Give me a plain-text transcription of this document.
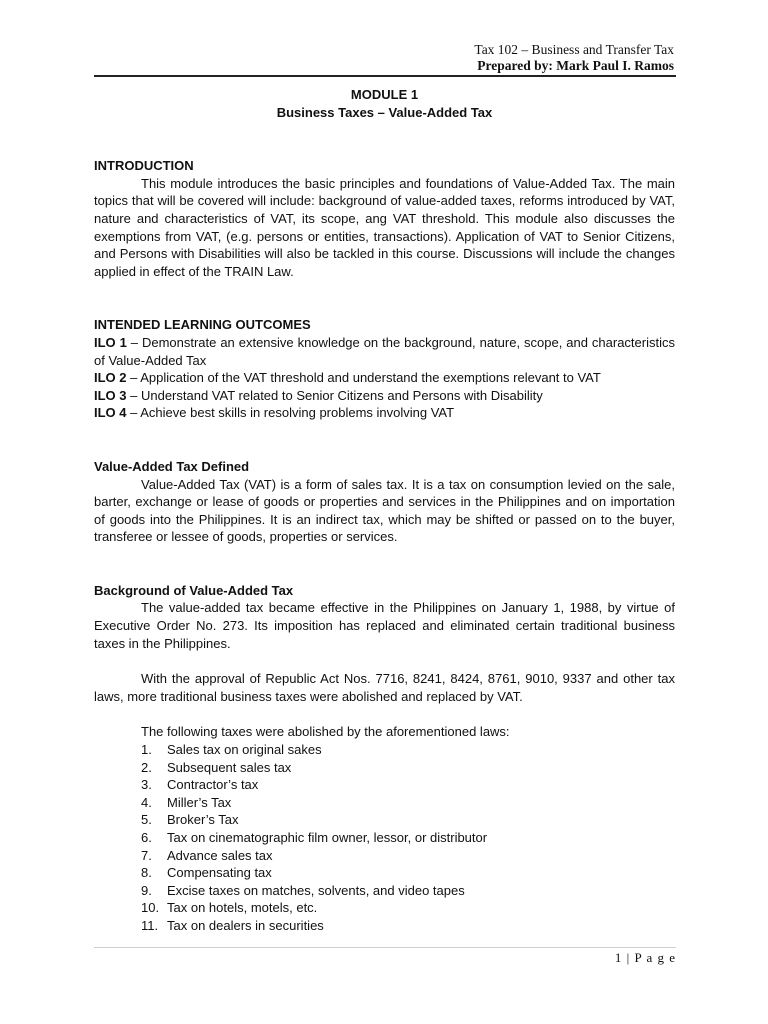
Tax 102 – Business and Transfer Tax
Prepared by: Mark Paul I. Ramos
MODULE 1
Business Taxes – Value-Added Tax
INTRODUCTION

This module introduces the basic principles and foundations of Value-Added Tax. The main topics that will be covered will include: background of value-added taxes, reforms introduced by VAT, nature and characteristics of VAT, its scope, ang VAT threshold. This module also discusses the exemptions from VAT, (e.g. persons or entities, transactions). Application of VAT to Senior Citizens, and Persons with Disabilities will also be tackled in this course. Discussions will include the changes applied in effect of the TRAIN Law.

INTENDED LEARNING OUTCOMES

ILO 1 – Demonstrate an extensive knowledge on the background, nature, scope, and characteristics of Value-Added Tax

ILO 2 – Application of the VAT threshold and understand the exemptions relevant to VAT

ILO 3 – Understand VAT related to Senior Citizens and Persons with Disability

ILO 4 – Achieve best skills in resolving problems involving VAT

Value-Added Tax Defined

Value-Added Tax (VAT) is a form of sales tax. It is a tax on consumption levied on the sale, barter, exchange or lease of goods or properties and services in the Philippines and on importation of goods into the Philippines. It is an indirect tax, which may be shifted or passed on to the buyer, transferee or lessee of goods, properties or services.

Background of Value-Added Tax

The value-added tax became effective in the Philippines on January 1, 1988, by virtue of Executive Order No. 273. Its imposition has replaced and eliminated certain traditional business taxes in the Philippines.

With the approval of Republic Act Nos. 7716, 8241, 8424, 8761, 9010, 9337 and other tax laws, more traditional business taxes were abolished and replaced by VAT.

The following taxes were abolished by the aforementioned laws:

1.	Sales tax on original sakes
2.	Subsequent sales tax
3.	Contractor’s tax
4.	Miller’s Tax
5.	Broker’s Tax
6.	Tax on cinematographic film owner, lessor, or distributor
7.	Advance sales tax
8.	Compensating tax
9.	Excise taxes on matches, solvents, and video tapes
10. Tax on hotels, motels, etc.
11. Tax on dealers in securities
1 | P a g e
